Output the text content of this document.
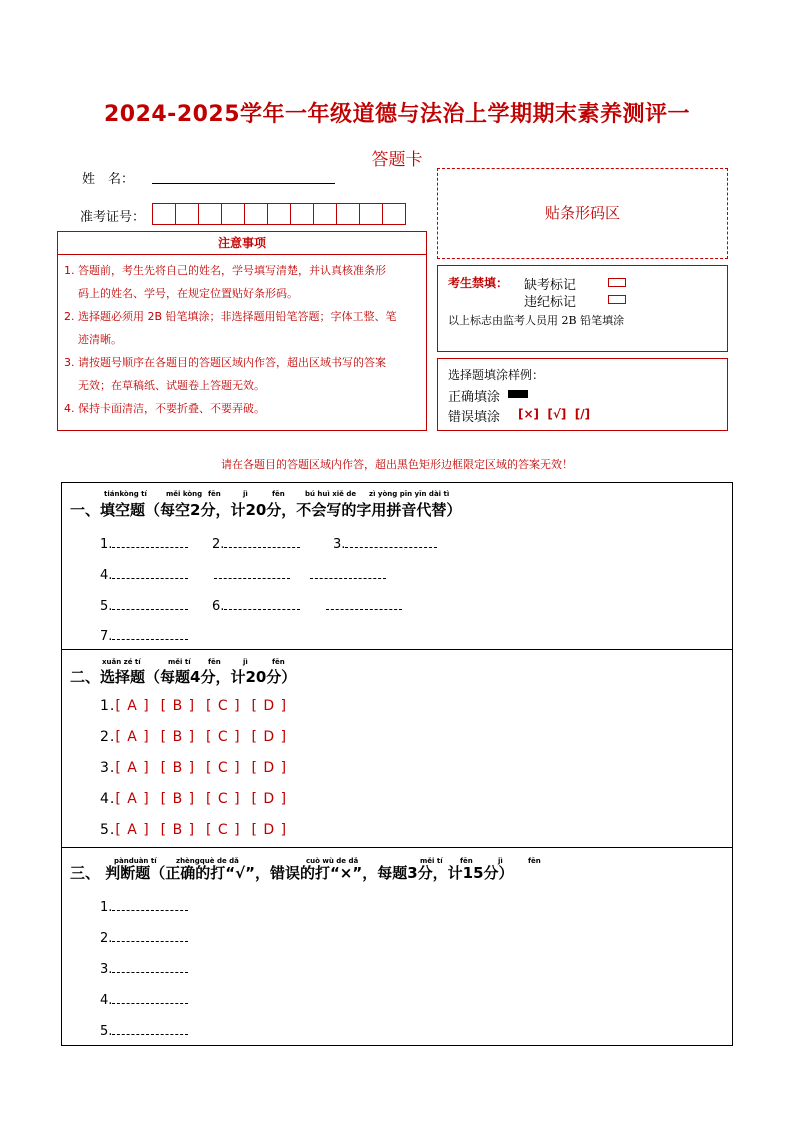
2024-2025学年一年级道德与法治上学期期末素养测评一
答题卡
姓　名：
准考证号：
注意事项
1. 答题前，考生先将自己的姓名，学号填写清楚，并认真核准条形
码上的姓名、学号，在规定位置贴好条形码。
2. 选择题必须用 2B 铅笔填涂；非选择题用铅笔答题；字体工整、笔
迹清晰。
3. 请按题号顺序在各题目的答题区域内作答，超出区域书写的答案
无效；在草稿纸、试题卷上答题无效。
4. 保持卡面清洁，不要折叠、不要弄破。
贴条形码区
考生禁填： 缺考标记
违纪标记
以上标志由监考人员用 2B 铅笔填涂
选择题填涂样例：
正确填涂
错误填涂 [×]  [√]  [/]
请在各题目的答题区域内作答，超出黑色矩形边框限定区域的答案无效！
tiánkòng tí	měi kòng fēn	jì	fēn	bú huì xiě de zì yòng pīn yīn dài tì
一、填空题（每空2分，计20分，不会写的字用拼音代替）
1.	2.	3.
4.
5.	6.
7.
xuǎn zé tí	měi tí fēn	jì	fēn
二、选择题（每题4分，计20分）
1.[ A ]  [ B ]  [ C ]  [ D ]
2.[ A ]  [ B ]  [ C ]  [ D ]
3.[ A ]  [ B ]  [ C ]  [ D ]
4.[ A ]  [ B ]  [ C ]  [ D ]
5.[ A ]  [ B ]  [ C ]  [ D ]
pànduàn tí	zhèngquè de dǎ	cuò wù de dǎ	měi tí fēn	jì	fēn
三、 判断题（正确的打“√”，错误的打“×”，每题3分，计15分）
1.
2.
3.
4.
5.
